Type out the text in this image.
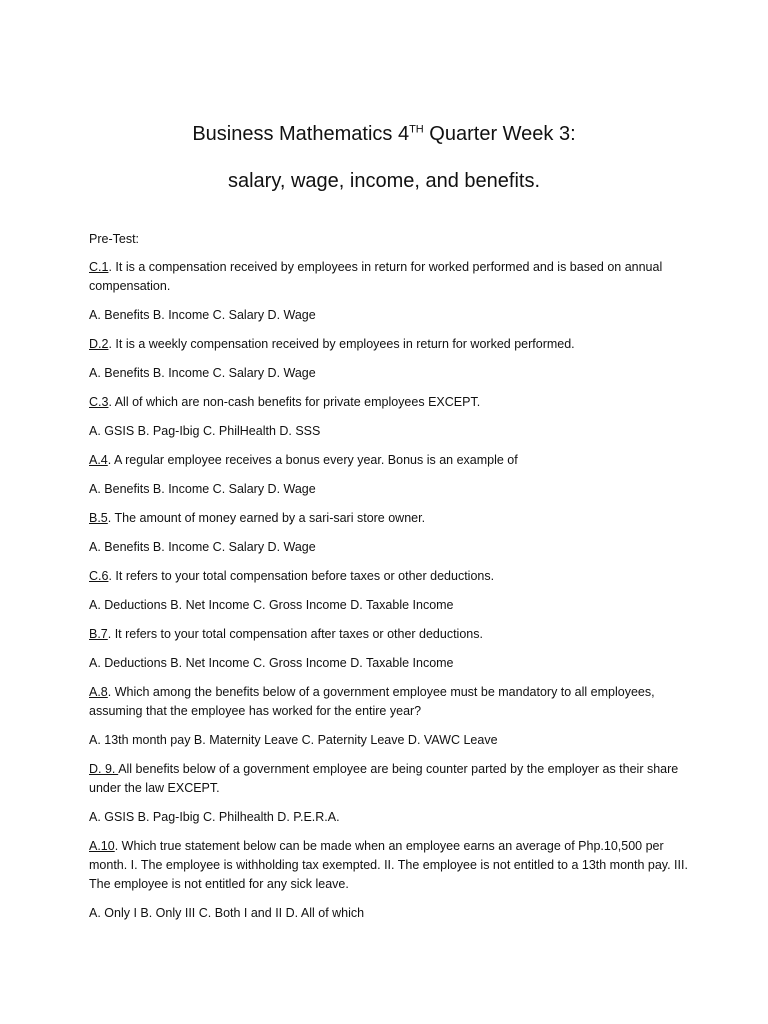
Business Mathematics 4TH Quarter Week 3:
salary, wage, income, and benefits.

Pre-Test:

C.1. It is a compensation received by employees in return for worked performed and is based on annual compensation.

A. Benefits B. Income C. Salary D. Wage

D.2. It is a weekly compensation received by employees in return for worked performed.

A. Benefits B. Income C. Salary D. Wage

C.3. All of which are non-cash benefits for private employees EXCEPT.

A. GSIS B. Pag-Ibig C. PhilHealth D. SSS

A.4. A regular employee receives a bonus every year. Bonus is an example of

A. Benefits B. Income C. Salary D. Wage

B.5. The amount of money earned by a sari-sari store owner.

A. Benefits B. Income C. Salary D. Wage

C.6. It refers to your total compensation before taxes or other deductions.

A. Deductions B. Net Income C. Gross Income D. Taxable Income

B.7. It refers to your total compensation after taxes or other deductions.

A. Deductions B. Net Income C. Gross Income D. Taxable Income

A.8. Which among the benefits below of a government employee must be mandatory to all employees, assuming that the employee has worked for the entire year?

A. 13th month pay B. Maternity Leave C. Paternity Leave D. VAWC Leave

D. 9. All benefits below of a government employee are being counter parted by the employer as their share under the law EXCEPT.

A. GSIS B. Pag-Ibig C. Philhealth D. P.E.R.A.

A.10. Which true statement below can be made when an employee earns an average of Php.10,500 per month. I. The employee is withholding tax exempted. II. The employee is not entitled to a 13th month pay. III. The employee is not entitled for any sick leave.

A. Only I B. Only III C. Both I and II D. All of which
